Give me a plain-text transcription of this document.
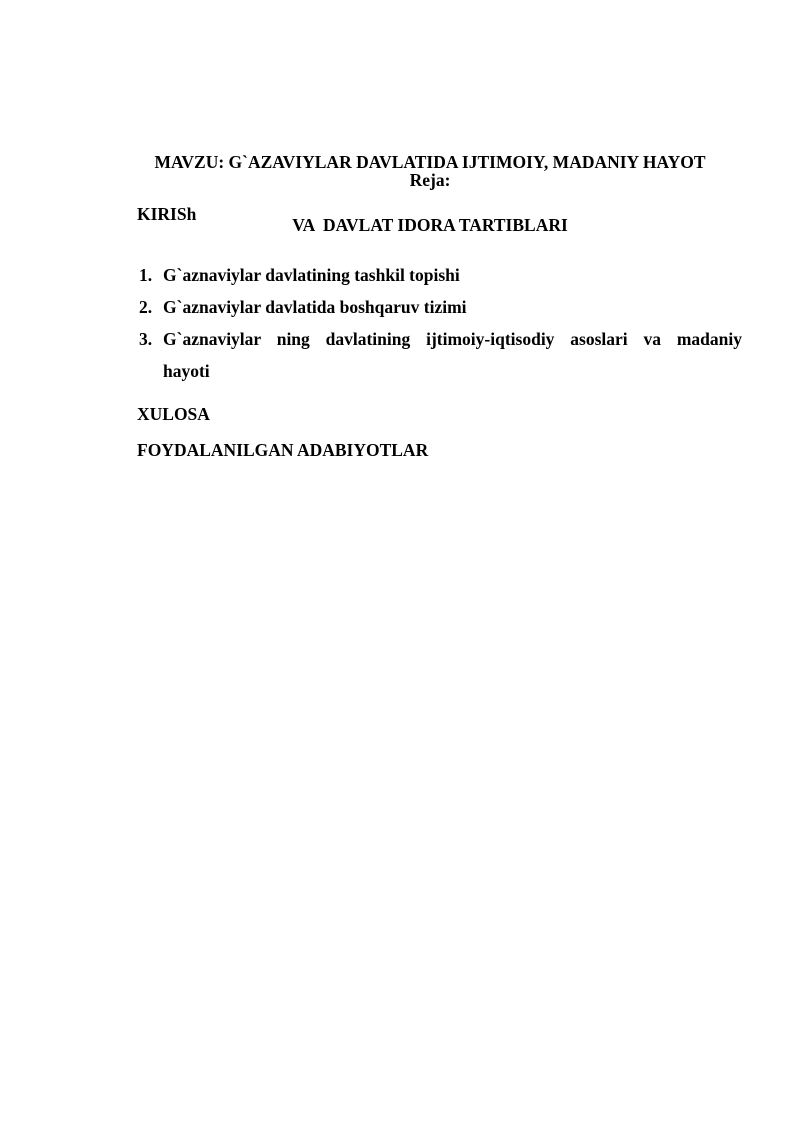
MAVZU: G`AZAVIYLAR DAVLATIDA IJTIMOIY, MADANIY HAYOT

VA  DAVLAT IDORA TARTIBLARI

Reja:

KIRISh

1. G`aznaviylar davlatining tashkil topishi
2. G`aznaviylar davlatida boshqaruv tizimi
3. G`aznaviylar ning davlatining ijtimoiy-iqtisodiy asoslari va madaniy hayoti

XULOSA

FOYDALANILGAN ADABIYOTLAR
